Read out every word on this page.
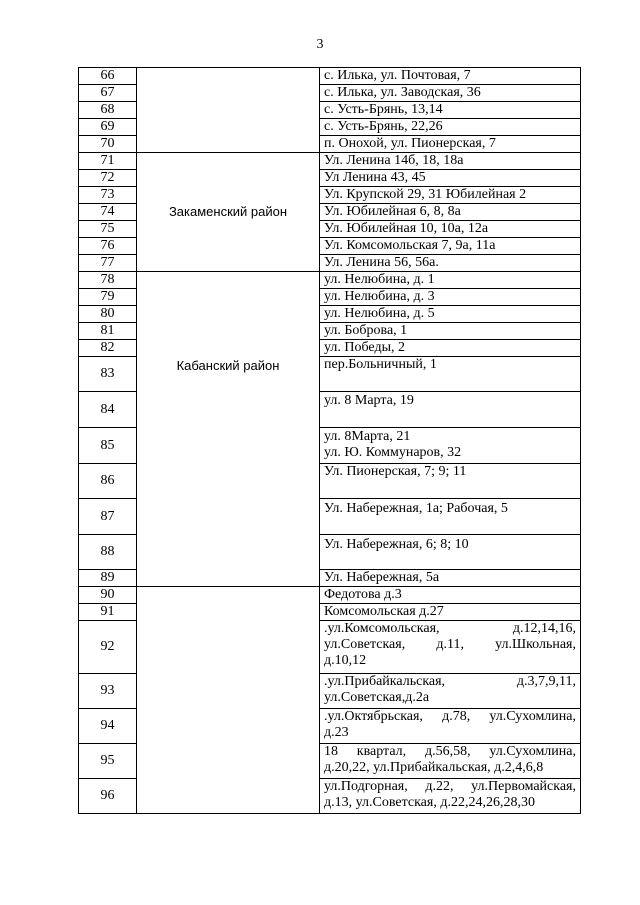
3
66		с. Илька, ул. Почтовая, 7
67		с. Илька, ул. Заводская, 36
68		с. Усть-Брянь, 13,14
69		с. Усть-Брянь, 22,26
70		п. Онохой, ул. Пионерская, 7
71	Закаменский район	Ул. Ленина 14б, 18, 18а
72		Ул Ленина 43, 45
73		Ул. Крупской 29, 31 Юбилейная 2
74		Ул. Юбилейная 6, 8, 8а
75		Ул. Юбилейная 10, 10а, 12а
76		Ул. Комсомольская 7, 9а, 11а
77		Ул. Ленина 56, 56а.
78	Кабанский район	ул. Нелюбина, д. 1
79		ул. Нелюбина, д. 3
80		ул. Нелюбина, д. 5
81		ул. Боброва, 1
82		ул. Победы, 2
83		пер.Больничный, 1
84		ул. 8 Марта, 19
85		ул. 8Марта, 21
ул. Ю. Коммунаров, 32

86		Ул. Пионерская, 7; 9; 11
87		Ул. Набережная, 1а; Рабочая, 5
88		Ул. Набережная, 6; 8; 10
89		Ул. Набережная, 5а
90		Федотова д.3
91		Комсомольская д.27
92		.ул.Комсомольская, д.12,14,16,
ул.Советская, д.11, ул.Школьная,
д.10,12

93		.ул.Прибайкальская, д.3,7,9,11,
ул.Советская,д.2а

94		.ул.Октябрьская, д.78, ул.Сухомлина,
д.23

95		18 квартал, д.56,58, ул.Сухомлина,
д.20,22, ул.Прибайкальская, д.2,4,6,8

96		ул.Подгорная, д.22, ул.Первомайская,
д.13, ул.Советская, д.22,24,26,28,30
